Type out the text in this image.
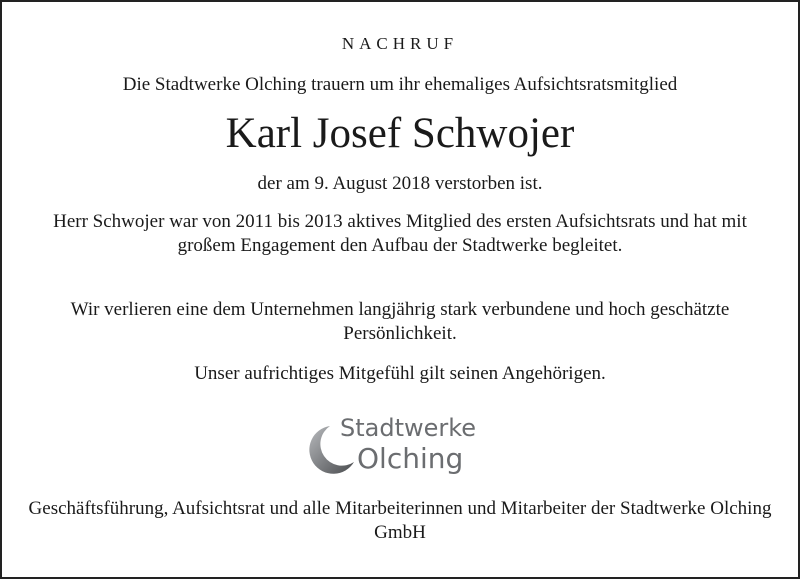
NACHRUF
Die Stadtwerke Olching trauern um ihr ehemaliges Aufsichtsratsmitglied
Karl Josef Schwojer
der am 9. August 2018 verstorben ist.
Herr Schwojer war von 2011 bis 2013 aktives Mitglied des ersten Aufsichtsrats und hat mit großem Engagement den Aufbau der Stadtwerke begleitet.
Wir verlieren eine dem Unternehmen langjährig stark verbundene und hoch geschätzte Persönlichkeit.
Unser aufrichtiges Mitgefühl gilt seinen Angehörigen.
Stadtwerke
Olching
Geschäftsführung, Aufsichtsrat und alle Mitarbeiterinnen und Mitarbeiter der Stadtwerke Olching GmbH
